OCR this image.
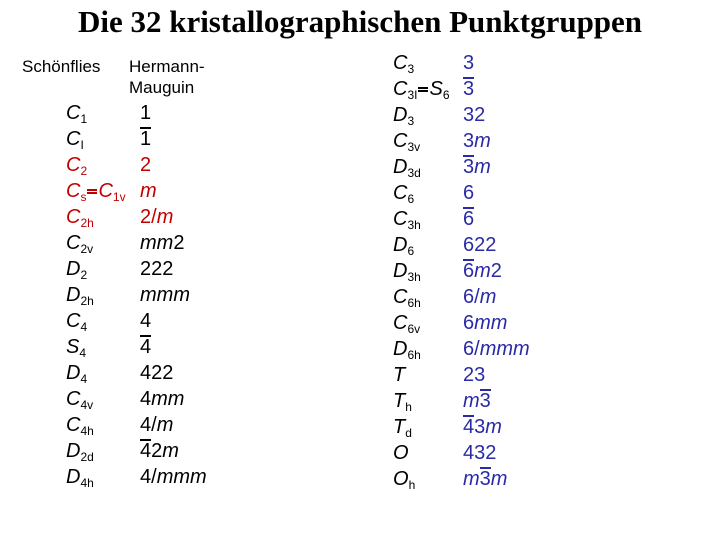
Die 32 kristallographischen Punktgruppen
Schönflies Hermann-Mauguin
$C_1$
$C_I$
$C_2$
$C_s$ $C_{1v}$
$C_{2h}$
$C_{2v}$
$D_2$
$D_{2h}$
$C_4$
$S_4$
$D_4$
$C_{4v}$
$C_{4h}$
$D_{2d}$
$D_{4h}$
1
1
2
m
2/m
mm2
222
mmm
4
4
422
4mm
4/m
42m
4/mmm
$C_3$
$C_{3I}$ $S_6$
$D_3$
$C_{3v}$
$D_{3d}$
$C_6$
$C_{3h}$
$D_6$
$D_{3h}$
$C_{6h}$
$C_{6v}$
$D_{6h}$
T
$T_h$
$T_d$
O
$O_h$
3
3
32
3m
3m
6
6
622
6m2
6/m
6mm
6/mmm
23
m3
43m
432
m3m
